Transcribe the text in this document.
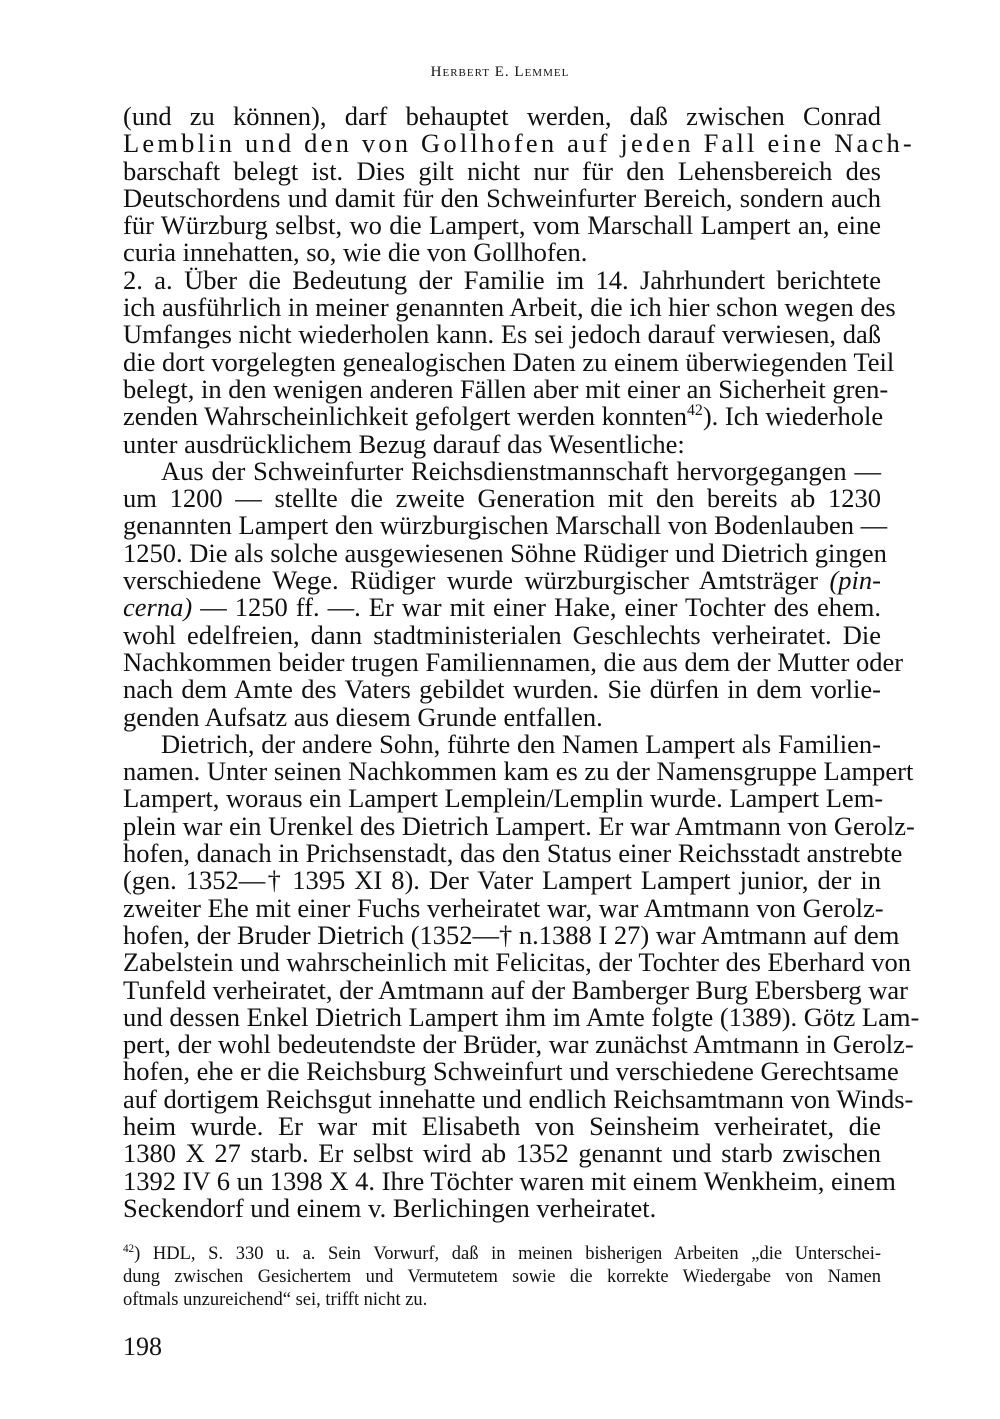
Herbert E. Lemmel
(und zu können), darf behauptet werden, daß zwischen Conrad
Lemblin und den von Gollhofen auf jeden Fall eine Nach-
barschaft belegt ist. Dies gilt nicht nur für den Lehensbereich des
Deutschordens und damit für den Schweinfurter Bereich, sondern auch
für Würzburg selbst, wo die Lampert, vom Marschall Lampert an, eine
curia innehatten, so, wie die von Gollhofen.
2. a. Über die Bedeutung der Familie im 14. Jahrhundert berichtete
ich ausführlich in meiner genannten Arbeit, die ich hier schon wegen des
Umfanges nicht wiederholen kann. Es sei jedoch darauf verwiesen, daß
die dort vorgelegten genealogischen Daten zu einem überwiegenden Teil
belegt, in den wenigen anderen Fällen aber mit einer an Sicherheit gren-
zenden Wahrscheinlichkeit gefolgert werden konnten$^{42}$). Ich wiederhole
unter ausdrücklichem Bezug darauf das Wesentliche:
Aus der Schweinfurter Reichsdienstmannschaft hervorgegangen —
um 1200 — stellte die zweite Generation mit den bereits ab 1230
genannten Lampert den würzburgischen Marschall von Bodenlauben —
1250. Die als solche ausgewiesenen Söhne Rüdiger und Dietrich gingen
verschiedene Wege. Rüdiger wurde würzburgischer Amtsträger (pin-
cerna) — 1250 ff. —. Er war mit einer Hake, einer Tochter des ehem.
wohl edelfreien, dann stadtministerialen Geschlechts verheiratet. Die
Nachkommen beider trugen Familiennamen, die aus dem der Mutter oder
nach dem Amte des Vaters gebildet wurden. Sie dürfen in dem vorlie-
genden Aufsatz aus diesem Grunde entfallen.
Dietrich, der andere Sohn, führte den Namen Lampert als Familien-
namen. Unter seinen Nachkommen kam es zu der Namensgruppe Lampert
Lampert, woraus ein Lampert Lemplein/Lemplin wurde. Lampert Lem-
plein war ein Urenkel des Dietrich Lampert. Er war Amtmann von Gerolz-
hofen, danach in Prichsenstadt, das den Status einer Reichsstadt anstrebte
(gen. 1352—† 1395 XI 8). Der Vater Lampert Lampert junior, der in
zweiter Ehe mit einer Fuchs verheiratet war, war Amtmann von Gerolz-
hofen, der Bruder Dietrich (1352—† n.1388 I 27) war Amtmann auf dem
Zabelstein und wahrscheinlich mit Felicitas, der Tochter des Eberhard von
Tunfeld verheiratet, der Amtmann auf der Bamberger Burg Ebersberg war
und dessen Enkel Dietrich Lampert ihm im Amte folgte (1389). Götz Lam-
pert, der wohl bedeutendste der Brüder, war zunächst Amtmann in Gerolz-
hofen, ehe er die Reichsburg Schweinfurt und verschiedene Gerechtsame
auf dortigem Reichsgut innehatte und endlich Reichsamtmann von Winds-
heim wurde. Er war mit Elisabeth von Seinsheim verheiratet, die
1380 X 27 starb. Er selbst wird ab 1352 genannt und starb zwischen
1392 IV 6 un 1398 X 4. Ihre Töchter waren mit einem Wenkheim, einem
Seckendorf und einem v. Berlichingen verheiratet.
$^{42}$) HDL, S. 330 u. a. Sein Vorwurf, daß in meinen bisherigen Arbeiten „die Unterschei-
dung zwischen Gesichertem und Vermutetem sowie die korrekte Wiedergabe von Namen
oftmals unzureichend“ sei, trifft nicht zu.
198
